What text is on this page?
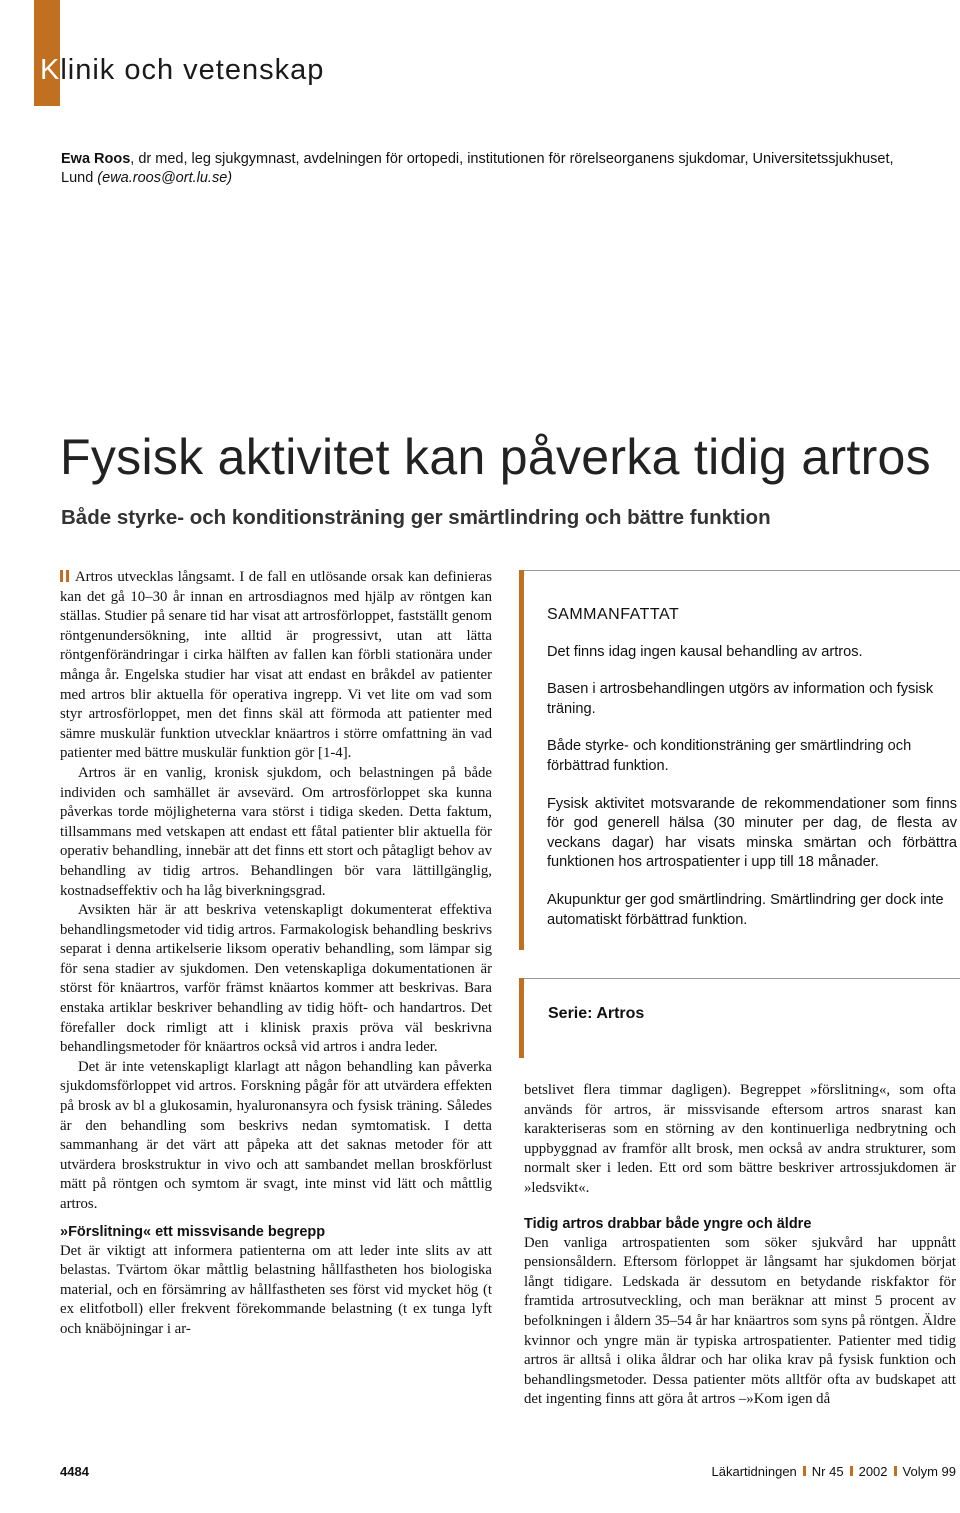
Klinik och vetenskap
Ewa Roos, dr med, leg sjukgymnast, avdelningen för ortopedi, institutionen för rörelseorganens sjukdomar, Universitetssjukhuset, Lund (ewa.roos@ort.lu.se)
Fysisk aktivitet kan påverka tidig artros
Både styrke- och konditionsträning ger smärtlindring och bättre funktion

Artros utvecklas långsamt. I de fall en utlösande orsak kan definieras kan det gå 10–30 år innan en artrosdiagnos med hjälp av röntgen kan ställas. Studier på senare tid har visat att artrosförloppet, fastställt genom röntgenundersökning, inte alltid är progressivt, utan att lätta röntgenförändringar i cirka hälften av fallen kan förbli stationära under många år. Engelska studier har visat att endast en bråkdel av patienter med artros blir aktuella för operativa ingrepp. Vi vet lite om vad som styr artrosförloppet, men det finns skäl att förmoda att patienter med sämre muskulär funktion utvecklar knäartros i större omfattning än vad patienter med bättre muskulär funktion gör [1-4].

Artros är en vanlig, kronisk sjukdom, och belastningen på både individen och samhället är avsevärd. Om artrosförloppet ska kunna påverkas torde möjligheterna vara störst i tidiga skeden. Detta faktum, tillsammans med vetskapen att endast ett fåtal patienter blir aktuella för operativ behandling, innebär att det finns ett stort och påtagligt behov av behandling av tidig artros. Behandlingen bör vara lättillgänglig, kostnadseffektiv och ha låg biverkningsgrad.

Avsikten här är att beskriva vetenskapligt dokumenterat effektiva behandlingsmetoder vid tidig artros. Farmakologisk behandling beskrivs separat i denna artikelserie liksom operativ behandling, som lämpar sig för sena stadier av sjukdomen. Den vetenskapliga dokumentationen är störst för knäartros, varför främst knäartos kommer att beskrivas. Bara enstaka artiklar beskriver behandling av tidig höft- och handartros. Det förefaller dock rimligt att i klinisk praxis pröva väl beskrivna behandlingsmetoder för knäartros också vid artros i andra leder.

Det är inte vetenskapligt klarlagt att någon behandling kan påverka sjukdomsförloppet vid artros. Forskning pågår för att utvärdera effekten på brosk av bl a glukosamin, hyaluronansyra och fysisk träning. Således är den behandling som beskrivs nedan symtomatisk. I detta sammanhang är det värt att påpeka att det saknas metoder för att utvärdera broskstruktur in vivo och att sambandet mellan broskförlust mätt på röntgen och symtom är svagt, inte minst vid lätt och måttlig artros.

»Förslitning« ett missvisande begrepp

Det är viktigt att informera patienterna om att leder inte slits av att belastas. Tvärtom ökar måttlig belastning hållfastheten hos biologiska material, och en försämring av hållfastheten ses först vid mycket hög (t ex elitfotboll) eller frekvent förekommande belastning (t ex tunga lyft och knäböjningar i ar-

SAMMANFATTAT

Det finns idag ingen kausal behandling av artros.

Basen i artrosbehandlingen utgörs av information och fysisk träning.

Både styrke- och konditionsträning ger smärtlindring och förbättrad funktion.

Fysisk aktivitet motsvarande de rekommendationer som finns för god generell hälsa (30 minuter per dag, de flesta av veckans dagar) har visats minska smärtan och förbättra funktionen hos artrospatienter i upp till 18 månader.

Akupunktur ger god smärtlindring. Smärtlindring ger dock inte automatiskt förbättrad funktion.

Serie: Artros

betslivet flera timmar dagligen). Begreppet »förslitning«, som ofta används för artros, är missvisande eftersom artros snarast kan karakteriseras som en störning av den kontinuerliga nedbrytning och uppbyggnad av framför allt brosk, men också av andra strukturer, som normalt sker i leden. Ett ord som bättre beskriver artrossjukdomen är »ledsvikt«.

Tidig artros drabbar både yngre och äldre

Den vanliga artrospatienten som söker sjukvård har uppnått pensionsåldern. Eftersom förloppet är långsamt har sjukdomen börjat långt tidigare. Ledskada är dessutom en betydande riskfaktor för framtida artrosutveckling, och man beräknar att minst 5 procent av befolkningen i åldern 35–54 år har knäartros som syns på röntgen. Äldre kvinnor och yngre män är typiska artrospatienter. Patienter med tidig artros är alltså i olika åldrar och har olika krav på fysisk funktion och behandlingsmetoder. Dessa patienter möts alltför ofta av budskapet att det ingenting finns att göra åt artros –»Kom igen då

4484	Läkartidningen Nr 45 2002 Volym 99
